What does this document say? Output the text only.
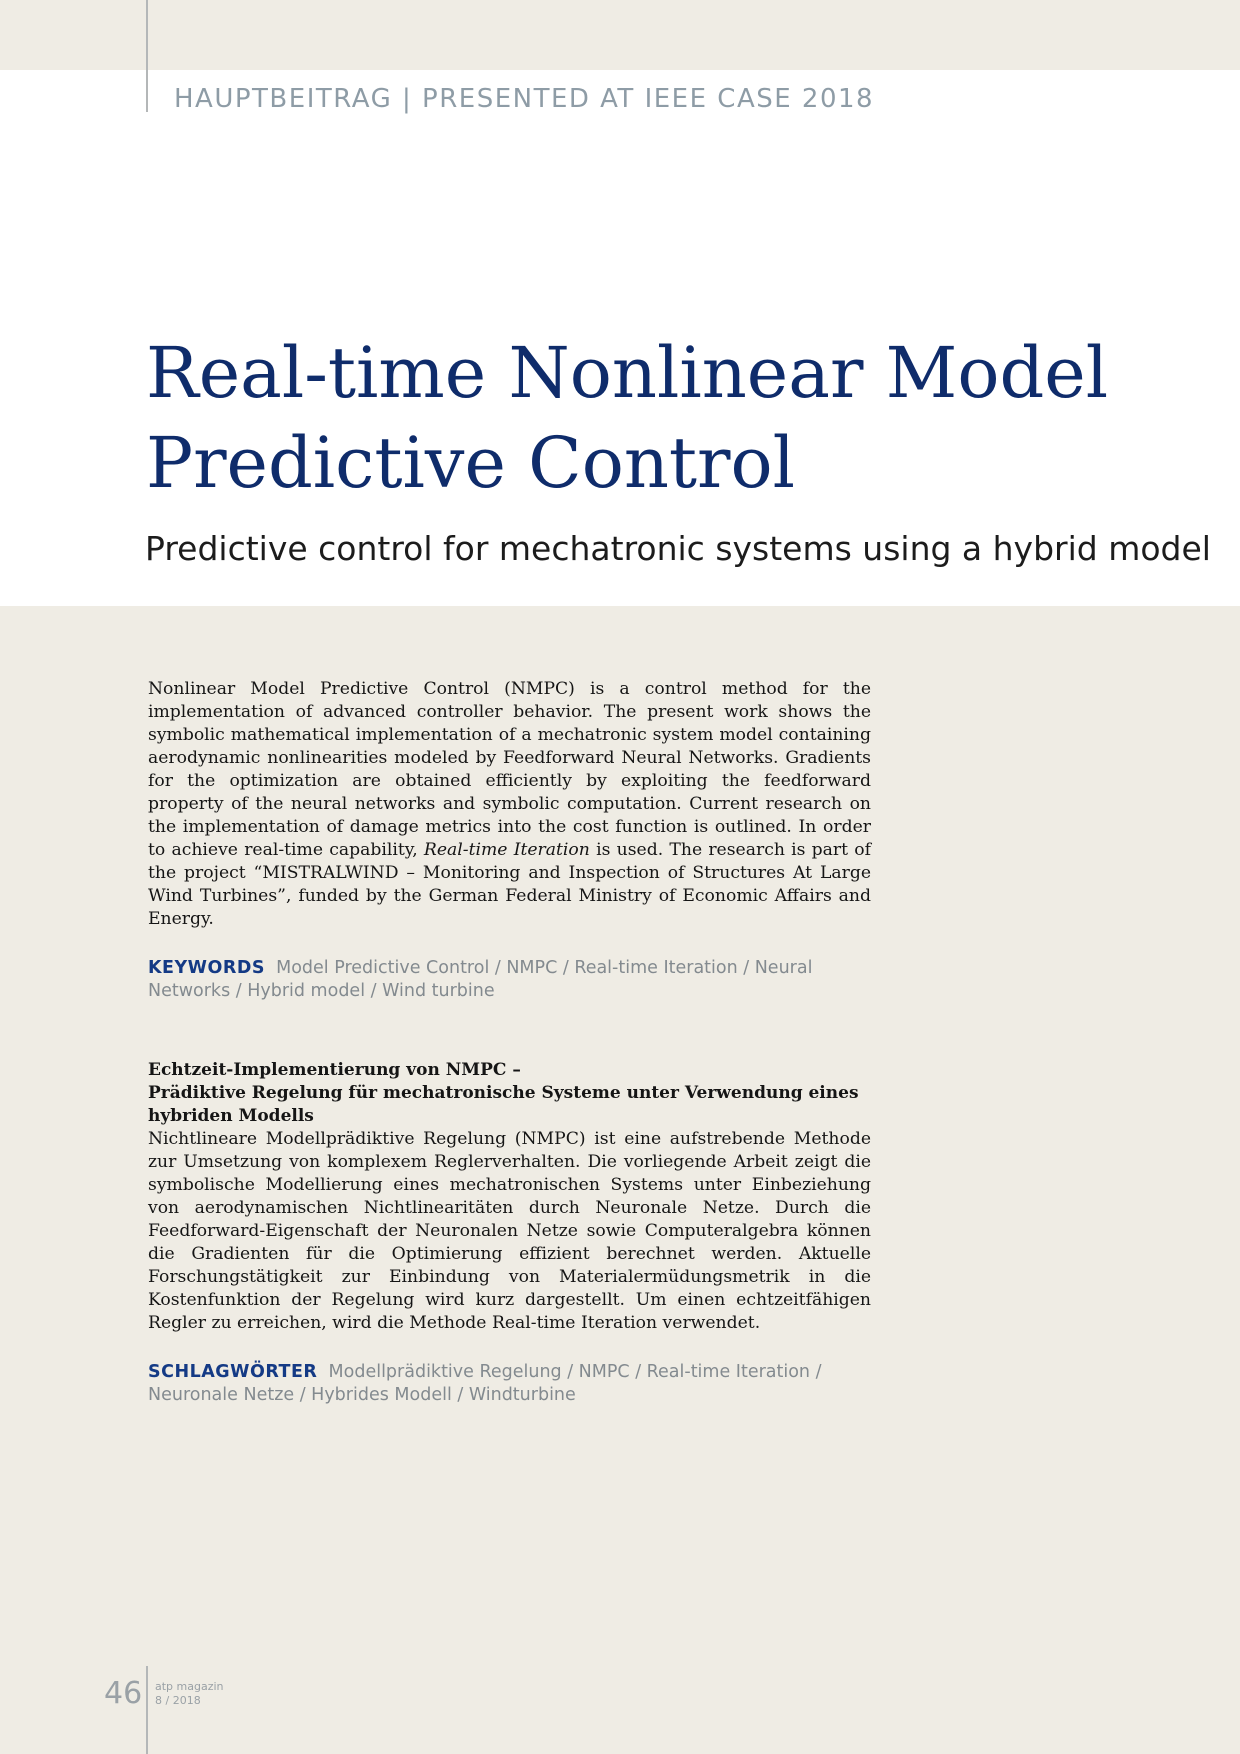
HAUPTBEITRAG | PRESENTED AT IEEE CASE 2018
Real-time Nonlinear Model
Predictive Control
Predictive control for mechatronic systems using a hybrid model

Nonlinear Model Predictive Control (NMPC) is a control method for the implementation of advanced controller behavior. The present work shows the symbolic mathematical implementation of a mechatronic system model containing aerodynamic nonlinearities modeled by Feedforward Neural Networks. Gradients for the optimization are obtained efficiently by exploiting the feedforward property of the neural networks and symbolic computation. Current research on the implementation of damage metrics into the cost function is outlined. In order to achieve real-time capability, Real-time Iteration is used. The research is part of the project “MISTRALWIND – Monitoring and Inspection of Structures At Large Wind Turbines”, funded by the German Federal Ministry of Economic Affairs and Energy.

KEYWORDS Model Predictive Control / NMPC / Real-time Iteration / Neural Networks / Hybrid model / Wind turbine

Echtzeit-Implementierung von NMPC –
Prädiktive Regelung für mechatronische Systeme unter Verwendung eines hybriden Modells

Nichtlineare Modellprädiktive Regelung (NMPC) ist eine aufstrebende Methode zur Umsetzung von komplexem Reglerverhalten. Die vorliegende Arbeit zeigt die symbolische Modellierung eines mechatronischen Systems unter Einbeziehung von aerodynamischen Nichtlinearitäten durch Neuronale Netze. Durch die Feedforward-Eigenschaft der Neuronalen Netze sowie Computeralgebra können die Gradienten für die Optimierung effizient berechnet werden. Aktuelle Forschungstätigkeit zur Einbindung von Materialermüdungsmetrik in die Kostenfunktion der Regelung wird kurz dargestellt. Um einen echtzeitfähigen Regler zu erreichen, wird die Methode Real-time Iteration verwendet.

SCHLAGWÖRTER Modellprädiktive Regelung / NMPC / Real-time Iteration / Neuronale Netze / Hybrides Modell / Windturbine

46 atp magazin
8 / 2018
